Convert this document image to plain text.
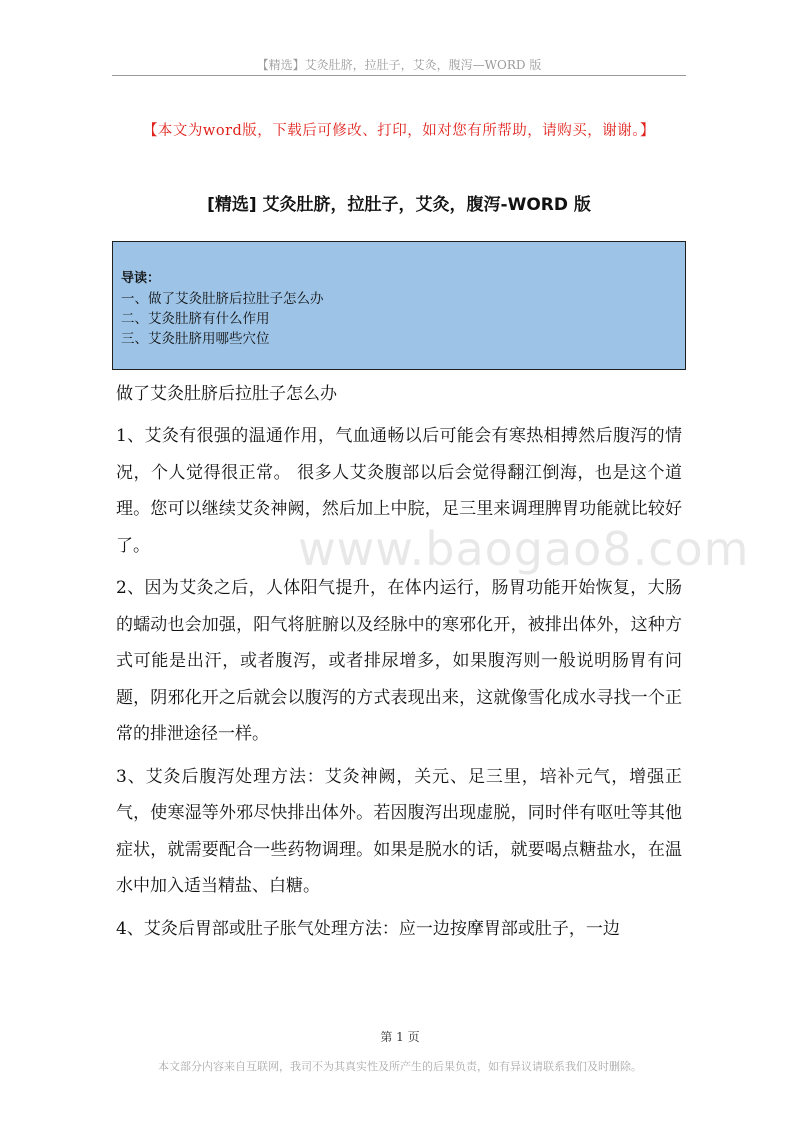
【精选】艾灸肚脐，拉肚子，艾灸，腹泻—WORD 版
【本文为word版，下载后可修改、打印，如对您有所帮助，请购买，谢谢。】
[精选] 艾灸肚脐，拉肚子，艾灸，腹泻-WORD 版
导读：
一、做了艾灸肚脐后拉肚子怎么办
二、艾灸肚脐有什么作用
三、艾灸肚脐用哪些穴位
做了艾灸肚脐后拉肚子怎么办

1、艾灸有很强的温通作用，气血通畅以后可能会有寒热相搏然后腹泻的情况，个人觉得很正常。 很多人艾灸腹部以后会觉得翻江倒海，也是这个道理。您可以继续艾灸神阙，然后加上中脘，足三里来调理脾胃功能就比较好了。

2、因为艾灸之后，人体阳气提升，在体内运行，肠胃功能开始恢复，大肠的蠕动也会加强，阳气将脏腑以及经脉中的寒邪化开，被排出体外，这种方式可能是出汗，或者腹泻，或者排尿增多，如果腹泻则一般说明肠胃有问题，阴邪化开之后就会以腹泻的方式表现出来，这就像雪化成水寻找一个正常的排泄途径一样。

3、艾灸后腹泻处理方法：艾灸神阙，关元、足三里，培补元气，增强正气，使寒湿等外邪尽快排出体外。若因腹泻出现虚脱，同时伴有呕吐等其他症状，就需要配合一些药物调理。如果是脱水的话，就要喝点糖盐水，在温水中加入适当精盐、白糖。

4、艾灸后胃部或肚子胀气处理方法：应一边按摩胃部或肚子，一边

www.baogao8.com
第 1 页
本文部分内容来自互联网，我司不为其真实性及所产生的后果负责，如有异议请联系我们及时删除。
